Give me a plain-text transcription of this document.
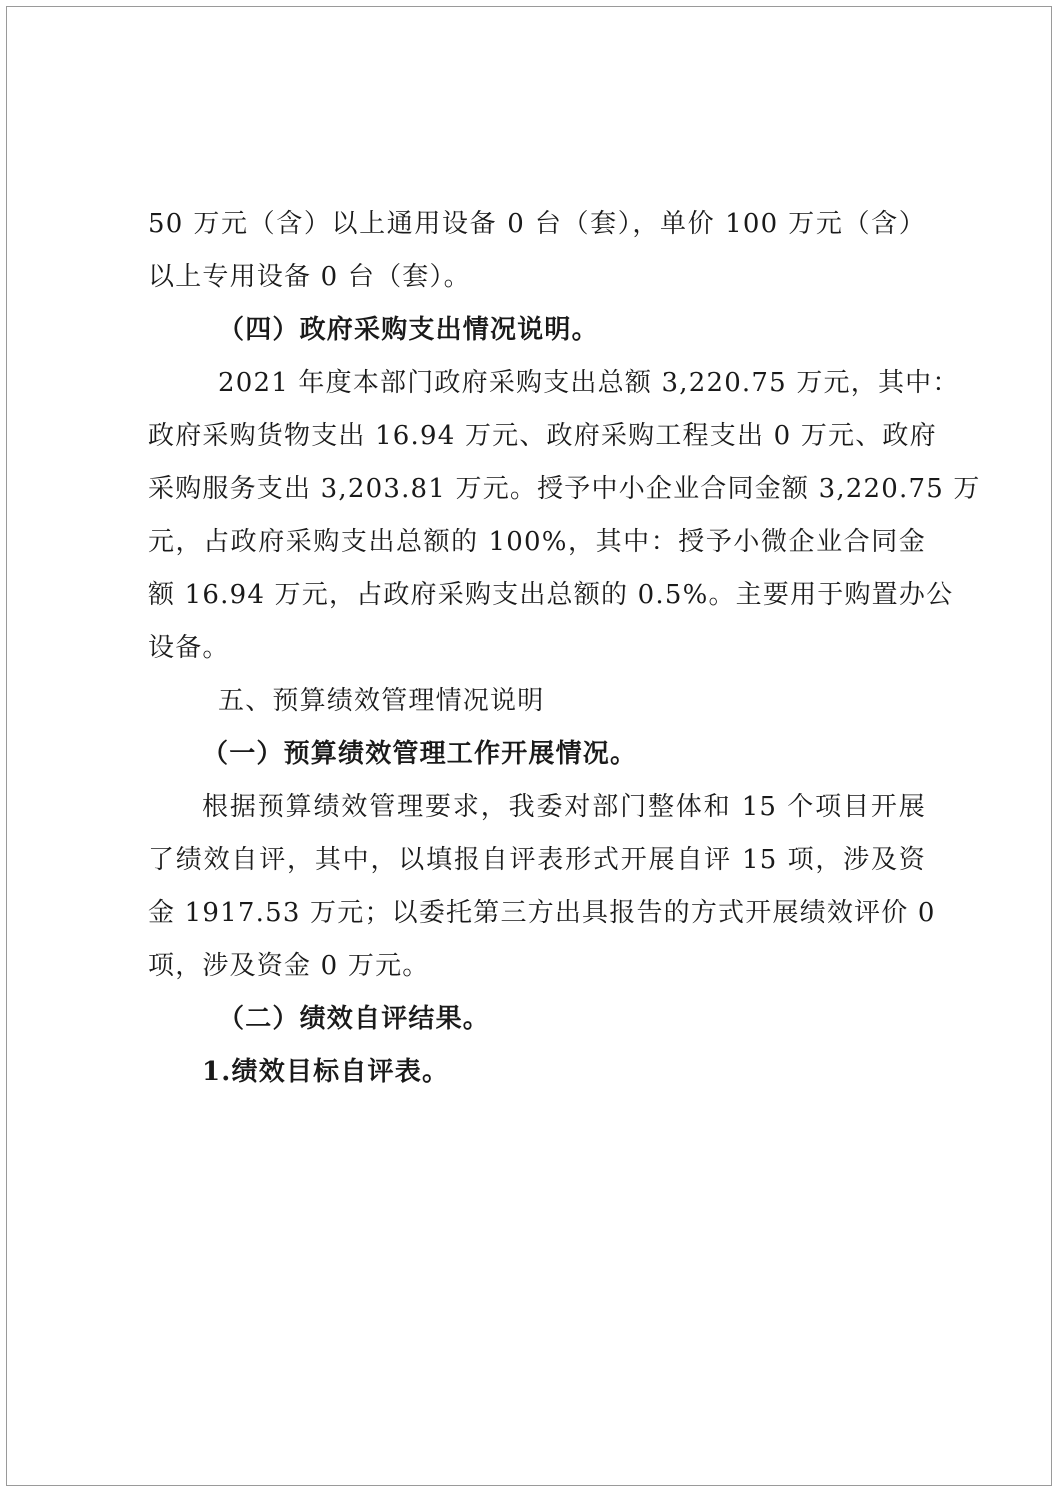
50 万元（含）以上通用设备 0 台（套），单价 100 万元（含）
以上专用设备 0 台（套）。
（四）政府采购支出情况说明。
2021 年度本部门政府采购支出总额 3,220.75 万元，其中：
政府采购货物支出 16.94 万元、政府采购工程支出 0 万元、政府
采购服务支出 3,203.81 万元。授予中小企业合同金额 3,220.75 万
元，占政府采购支出总额的 100%，其中：授予小微企业合同金
额 16.94 万元，占政府采购支出总额的 0.5%。主要用于购置办公
设备。
五、预算绩效管理情况说明
（一）预算绩效管理工作开展情况。
根据预算绩效管理要求，我委对部门整体和 15 个项目开展
了绩效自评，其中，以填报自评表形式开展自评 15 项，涉及资
金 1917.53 万元；以委托第三方出具报告的方式开展绩效评价 0
项，涉及资金 0 万元。
（二）绩效自评结果。
1.绩效目标自评表。
